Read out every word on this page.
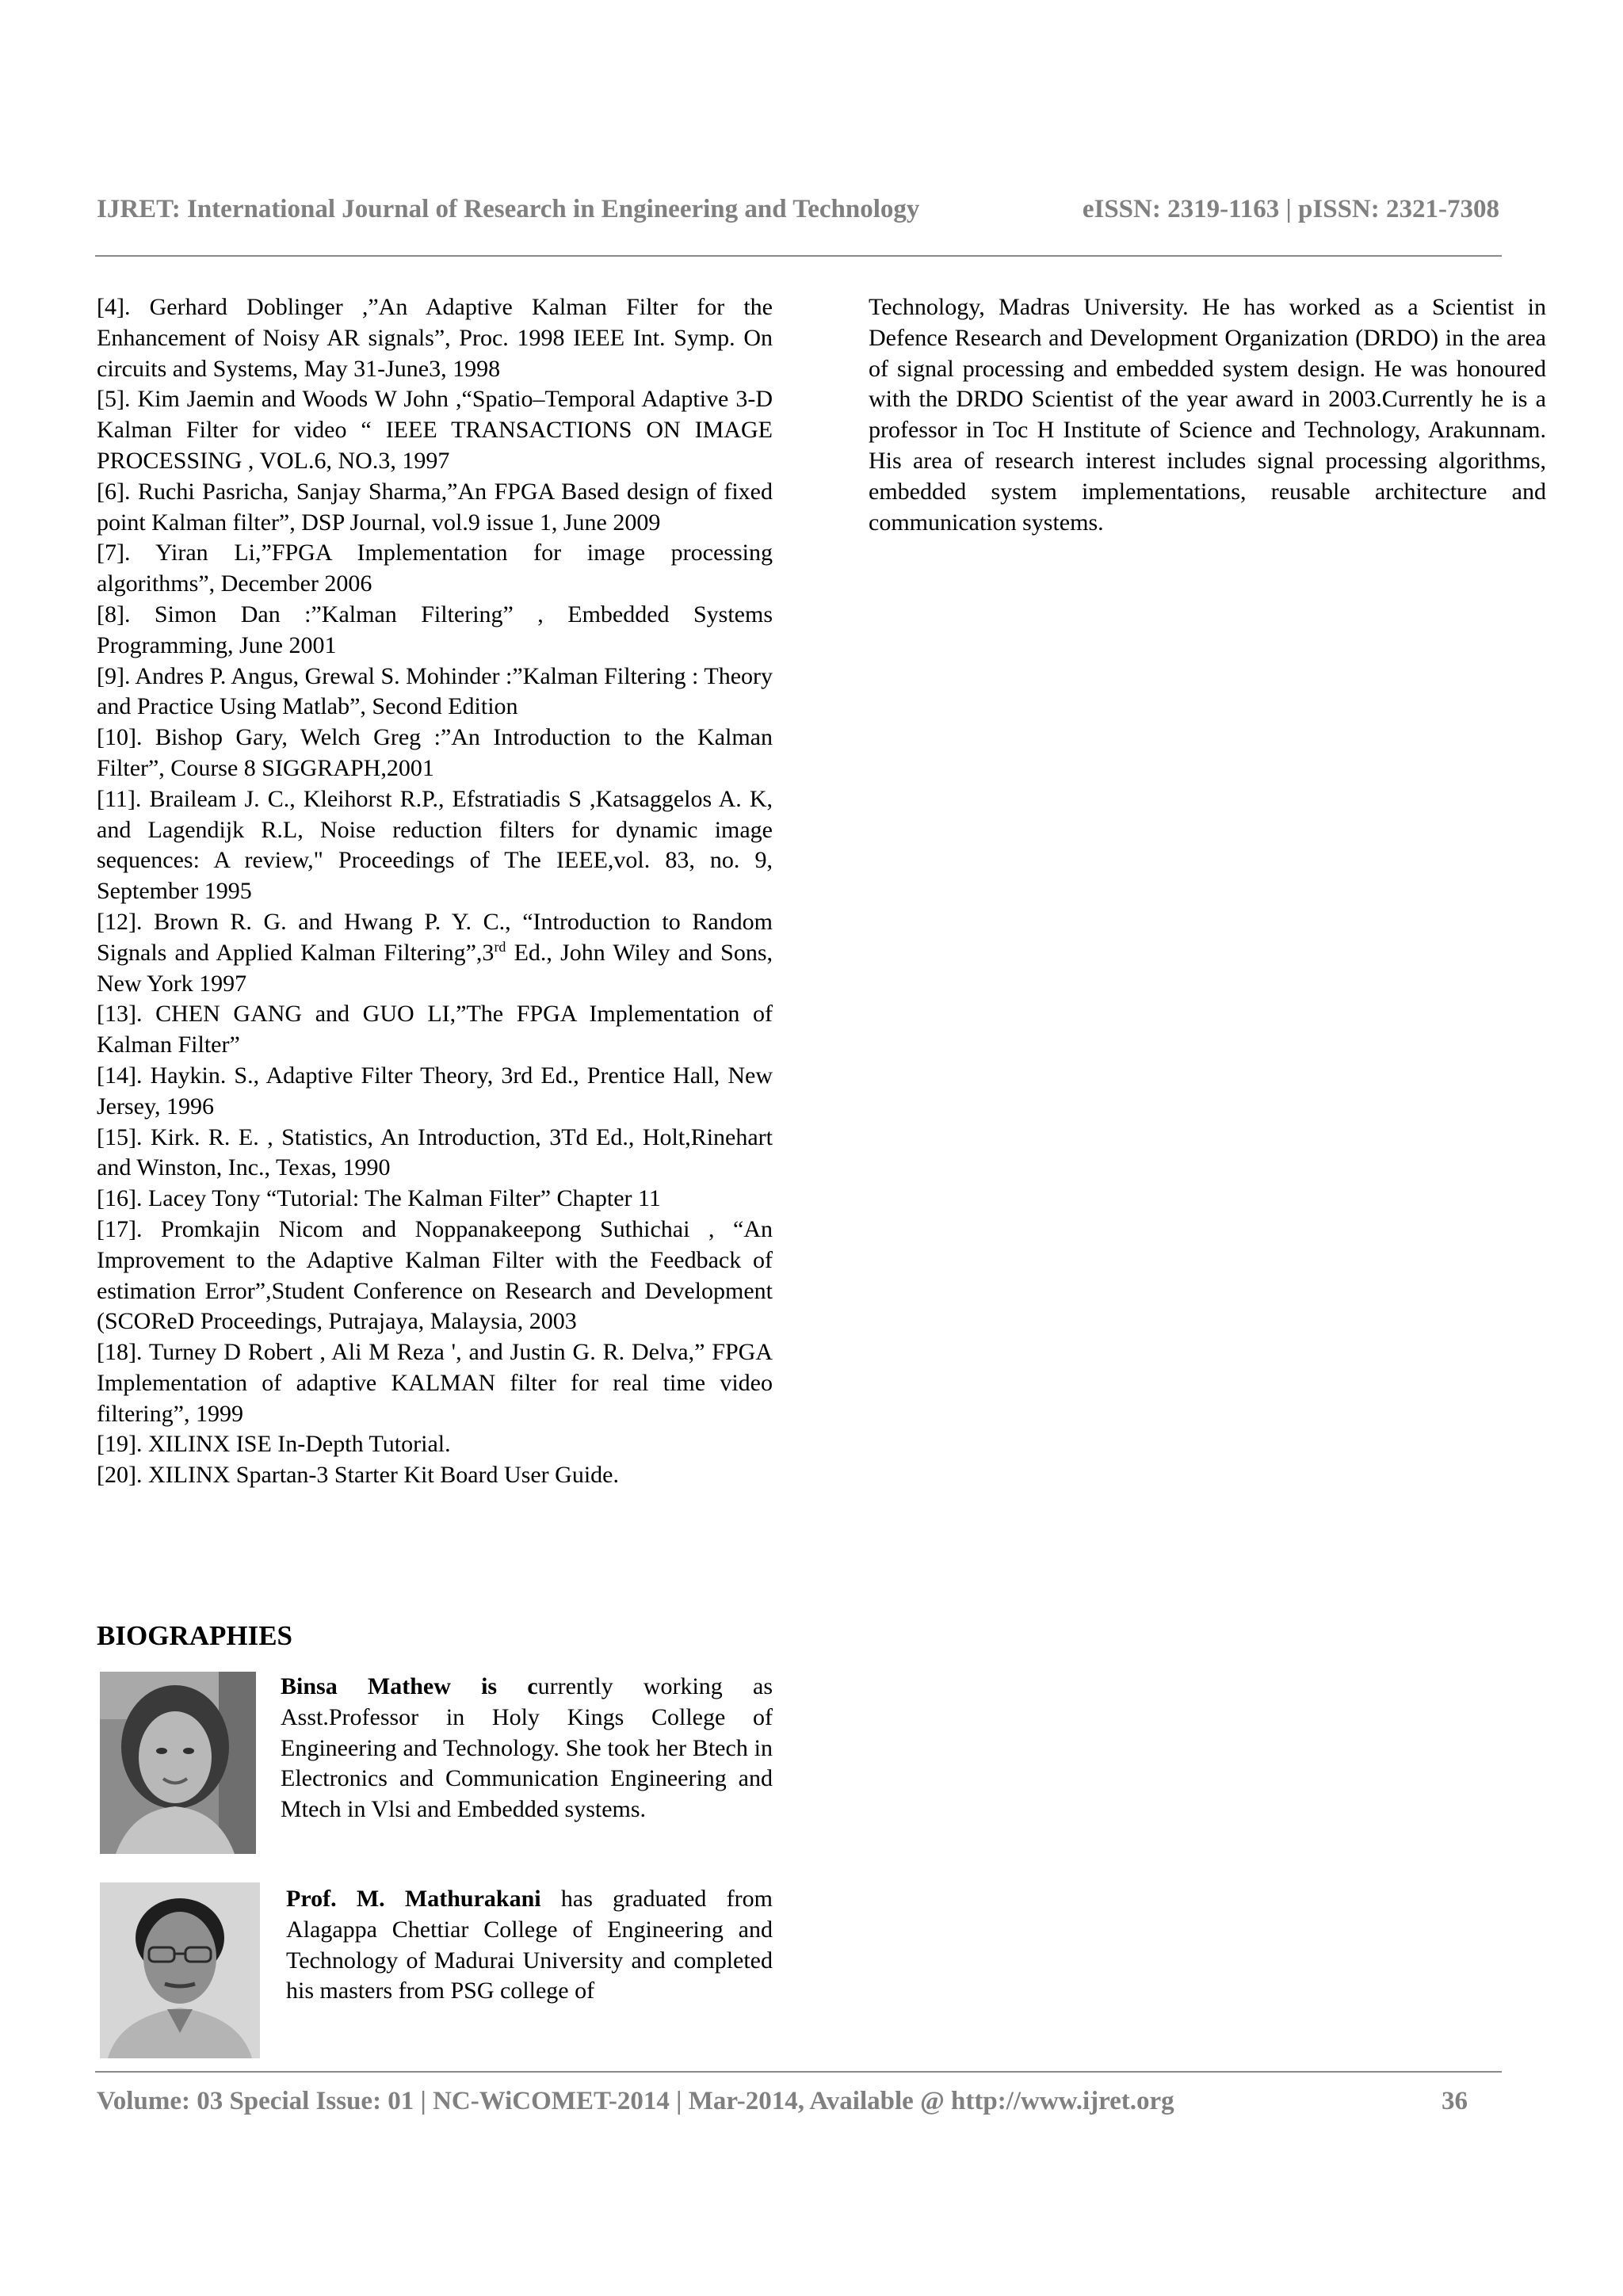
IJRET: International Journal of Research in Engineering and Technology	eISSN: 2319-1163 | pISSN: 2321-7308

[4]. Gerhard Doblinger ,”An Adaptive Kalman Filter for the Enhancement of Noisy AR signals”, Proc. 1998 IEEE Int. Symp. On circuits and Systems, May 31-June3, 1998

[5]. Kim Jaemin and Woods W John ,“Spatio–Temporal Adaptive 3-D Kalman Filter for video “ IEEE TRANSACTIONS ON IMAGE PROCESSING , VOL.6, NO.3, 1997

[6]. Ruchi Pasricha, Sanjay Sharma,”An FPGA Based design of fixed point Kalman filter”, DSP Journal, vol.9 issue 1, June 2009

[7]. Yiran Li,”FPGA Implementation for image processing algorithms”, December 2006

[8]. Simon Dan :”Kalman Filtering” , Embedded Systems Programming, June 2001

[9]. Andres P. Angus, Grewal S. Mohinder :”Kalman Filtering : Theory and Practice Using Matlab”, Second Edition

[10]. Bishop Gary, Welch Greg :”An Introduction to the Kalman Filter”, Course 8 SIGGRAPH,2001

[11]. Braileam J. C., Kleihorst R.P., Efstratiadis S ,Katsaggelos A. K, and Lagendijk R.L, Noise reduction filters for dynamic image sequences: A review," Proceedings of The IEEE,vol. 83, no. 9, September 1995

[12]. Brown R. G. and Hwang P. Y. C., “Introduction to Random Signals and Applied Kalman Filtering”,3rd Ed., John Wiley and Sons, New York 1997

[13]. CHEN GANG and GUO LI,”The FPGA Implementation of Kalman Filter”

[14]. Haykin. S., Adaptive Filter Theory, 3rd Ed., Prentice Hall, New Jersey, 1996

[15]. Kirk. R. E. , Statistics, An Introduction, 3Td Ed., Holt,Rinehart and Winston, Inc., Texas, 1990

[16]. Lacey Tony “Tutorial: The Kalman Filter” Chapter 11

[17]. Promkajin Nicom and Noppanakeepong Suthichai , “An Improvement to the Adaptive Kalman Filter with the Feedback of estimation Error”,Student Conference on Research and Development (SCOReD Proceedings, Putrajaya, Malaysia, 2003

[18]. Turney D Robert , Ali M Reza ', and Justin G. R. Delva,” FPGA Implementation of adaptive KALMAN filter for real time video filtering”, 1999

[19]. XILINX ISE In-Depth Tutorial.

[20]. XILINX Spartan-3 Starter Kit Board User Guide.

BIOGRAPHIES
Binsa Mathew is currently working as Asst.Professor in Holy Kings College of Engineering and Technology. She took her Btech in Electronics and Communication Engineering and Mtech in Vlsi and Embedded systems.
Prof. M. Mathurakani has graduated from Alagappa Chettiar College of Engineering and Technology of Madurai University and completed his masters from PSG college of

Technology, Madras University. He has worked as a Scientist in Defence Research and Development Organization (DRDO) in the area of signal processing and embedded system design. He was honoured with the DRDO Scientist of the year award in 2003.Currently he is a professor in Toc H Institute of Science and Technology, Arakunnam. His area of research interest includes signal processing algorithms, embedded system implementations, reusable architecture and communication systems.

Volume: 03 Special Issue: 01 | NC-WiCOMET-2014 | Mar-2014, Available @ http://www.ijret.org	36
